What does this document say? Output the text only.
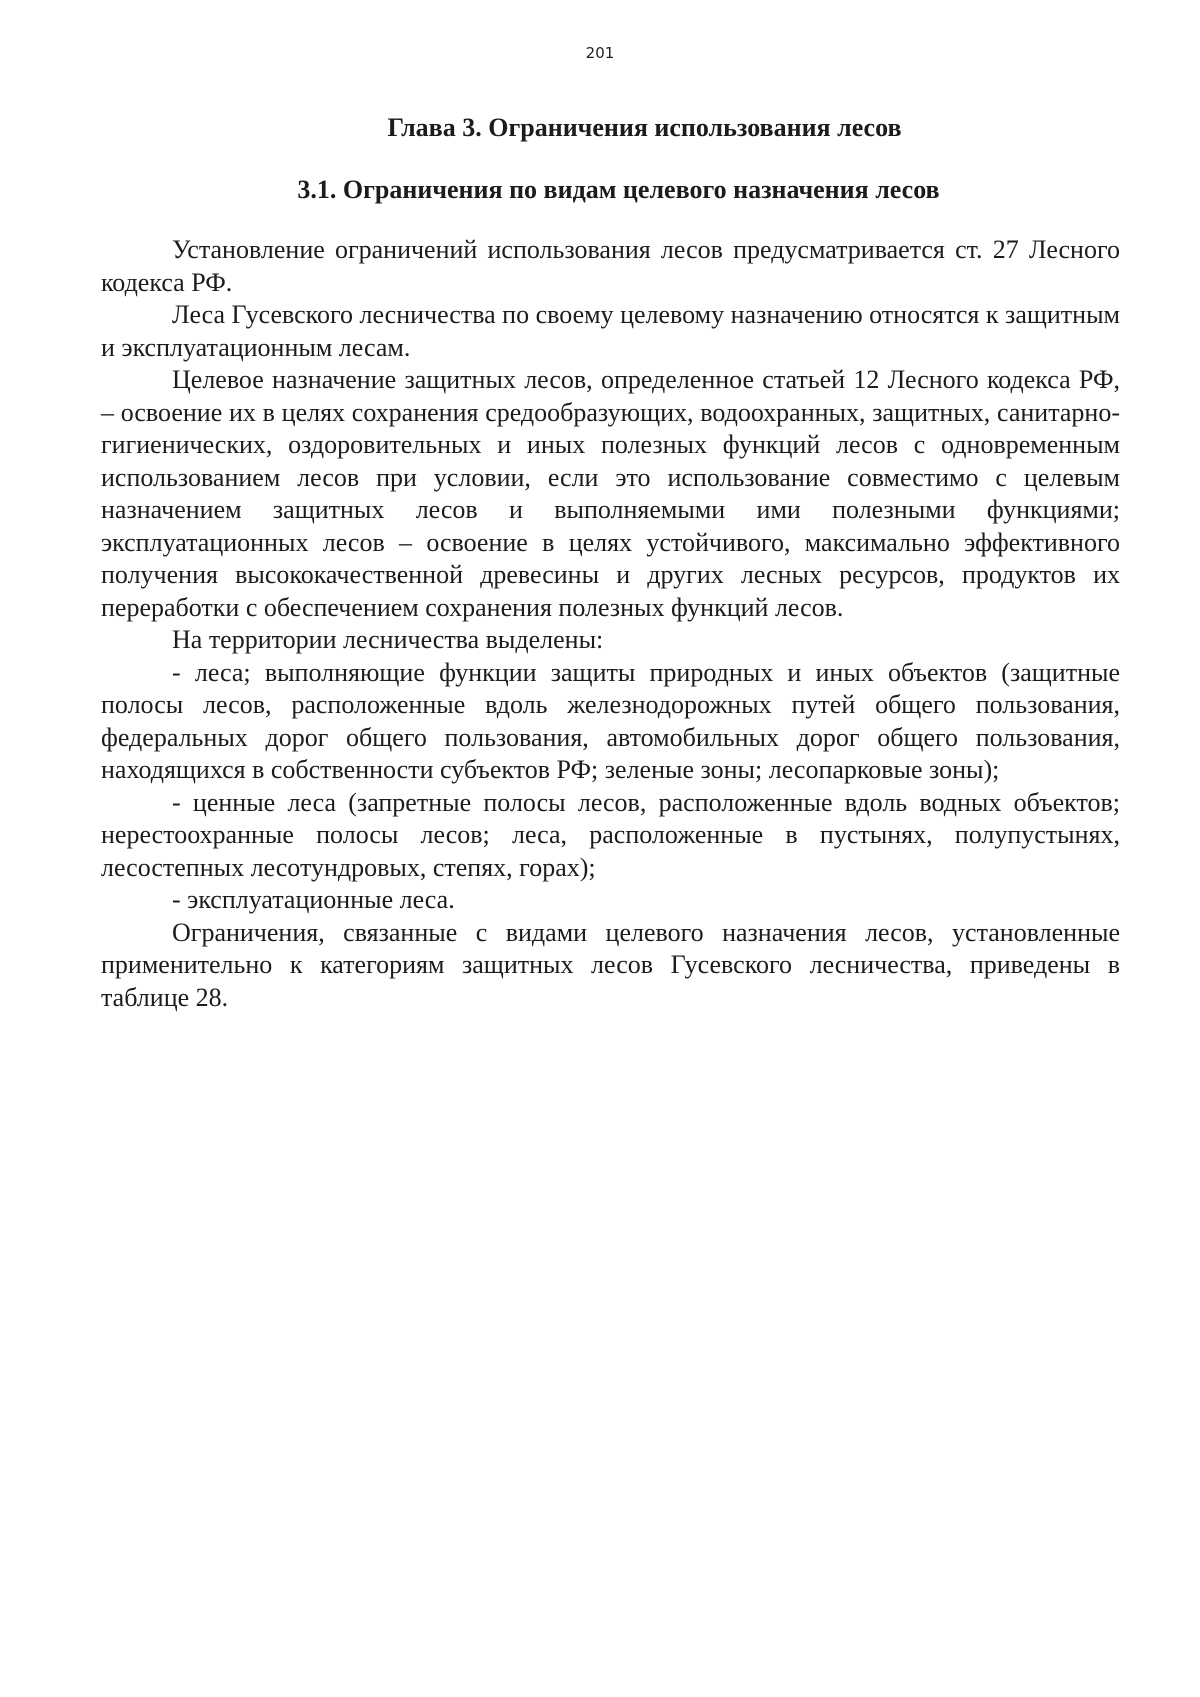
201
Глава 3. Ограничения использования лесов
3.1. Ограничения по видам целевого назначения лесов

Установление ограничений использования лесов предусматривается ст. 27 Лесного кодекса РФ.

Леса Гусевского лесничества по своему целевому назначению относятся к защитным и эксплуатационным лесам.

Целевое назначение защитных лесов, определенное статьей 12 Лесного кодекса РФ, – освоение их в целях сохранения средообразующих, водоохранных, защитных, санитарно-гигиенических, оздоровительных и иных полезных функций лесов с одновременным использованием лесов при условии, если это использование совместимо с целевым назначением защитных лесов и выполняемыми ими полезными функциями; эксплуатационных лесов – освоение в целях устойчивого, максимально эффективного получения высококачественной древесины и других лесных ресурсов, продуктов их переработки с обеспечением сохранения полезных функций лесов.

На территории лесничества выделены:

- леса; выполняющие функции защиты природных и иных объектов (защитные полосы лесов, расположенные вдоль железнодорожных путей общего пользования, федеральных дорог общего пользования, автомобильных дорог общего пользования, находящихся в собственности субъектов РФ; зеленые зоны; лесопарковые зоны);

- ценные леса (запретные полосы лесов, расположенные вдоль водных объектов; нерестоохранные полосы лесов; леса, расположенные в пустынях, полупустынях, лесостепных лесотундровых, степях, горах);

- эксплуатационные леса.

Ограничения, связанные с видами целевого назначения лесов, установленные применительно к категориям защитных лесов Гусевского лесничества, приведены в таблице 28.
